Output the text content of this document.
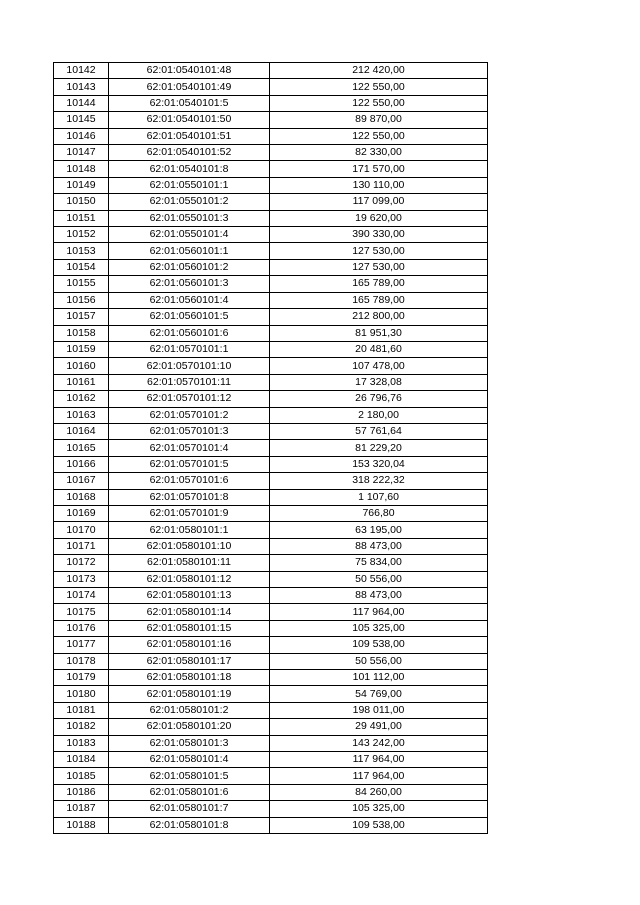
10142	62:01:0540101:48	212 420,00
10143	62:01:0540101:49	122 550,00
10144	62:01:0540101:5	122 550,00
10145	62:01:0540101:50	89 870,00
10146	62:01:0540101:51	122 550,00
10147	62:01:0540101:52	82 330,00
10148	62:01:0540101:8	171 570,00
10149	62:01:0550101:1	130 110,00
10150	62:01:0550101:2	117 099,00
10151	62:01:0550101:3	19 620,00
10152	62:01:0550101:4	390 330,00
10153	62:01:0560101:1	127 530,00
10154	62:01:0560101:2	127 530,00
10155	62:01:0560101:3	165 789,00
10156	62:01:0560101:4	165 789,00
10157	62:01:0560101:5	212 800,00
10158	62:01:0560101:6	81 951,30
10159	62:01:0570101:1	20 481,60
10160	62:01:0570101:10	107 478,00
10161	62:01:0570101:11	17 328,08
10162	62:01:0570101:12	26 796,76
10163	62:01:0570101:2	2 180,00
10164	62:01:0570101:3	57 761,64
10165	62:01:0570101:4	81 229,20
10166	62:01:0570101:5	153 320,04
10167	62:01:0570101:6	318 222,32
10168	62:01:0570101:8	1 107,60
10169	62:01:0570101:9	766,80
10170	62:01:0580101:1	63 195,00
10171	62:01:0580101:10	88 473,00
10172	62:01:0580101:11	75 834,00
10173	62:01:0580101:12	50 556,00
10174	62:01:0580101:13	88 473,00
10175	62:01:0580101:14	117 964,00
10176	62:01:0580101:15	105 325,00
10177	62:01:0580101:16	109 538,00
10178	62:01:0580101:17	50 556,00
10179	62:01:0580101:18	101 112,00
10180	62:01:0580101:19	54 769,00
10181	62:01:0580101:2	198 011,00
10182	62:01:0580101:20	29 491,00
10183	62:01:0580101:3	143 242,00
10184	62:01:0580101:4	117 964,00
10185	62:01:0580101:5	117 964,00
10186	62:01:0580101:6	84 260,00
10187	62:01:0580101:7	105 325,00
10188	62:01:0580101:8	109 538,00
